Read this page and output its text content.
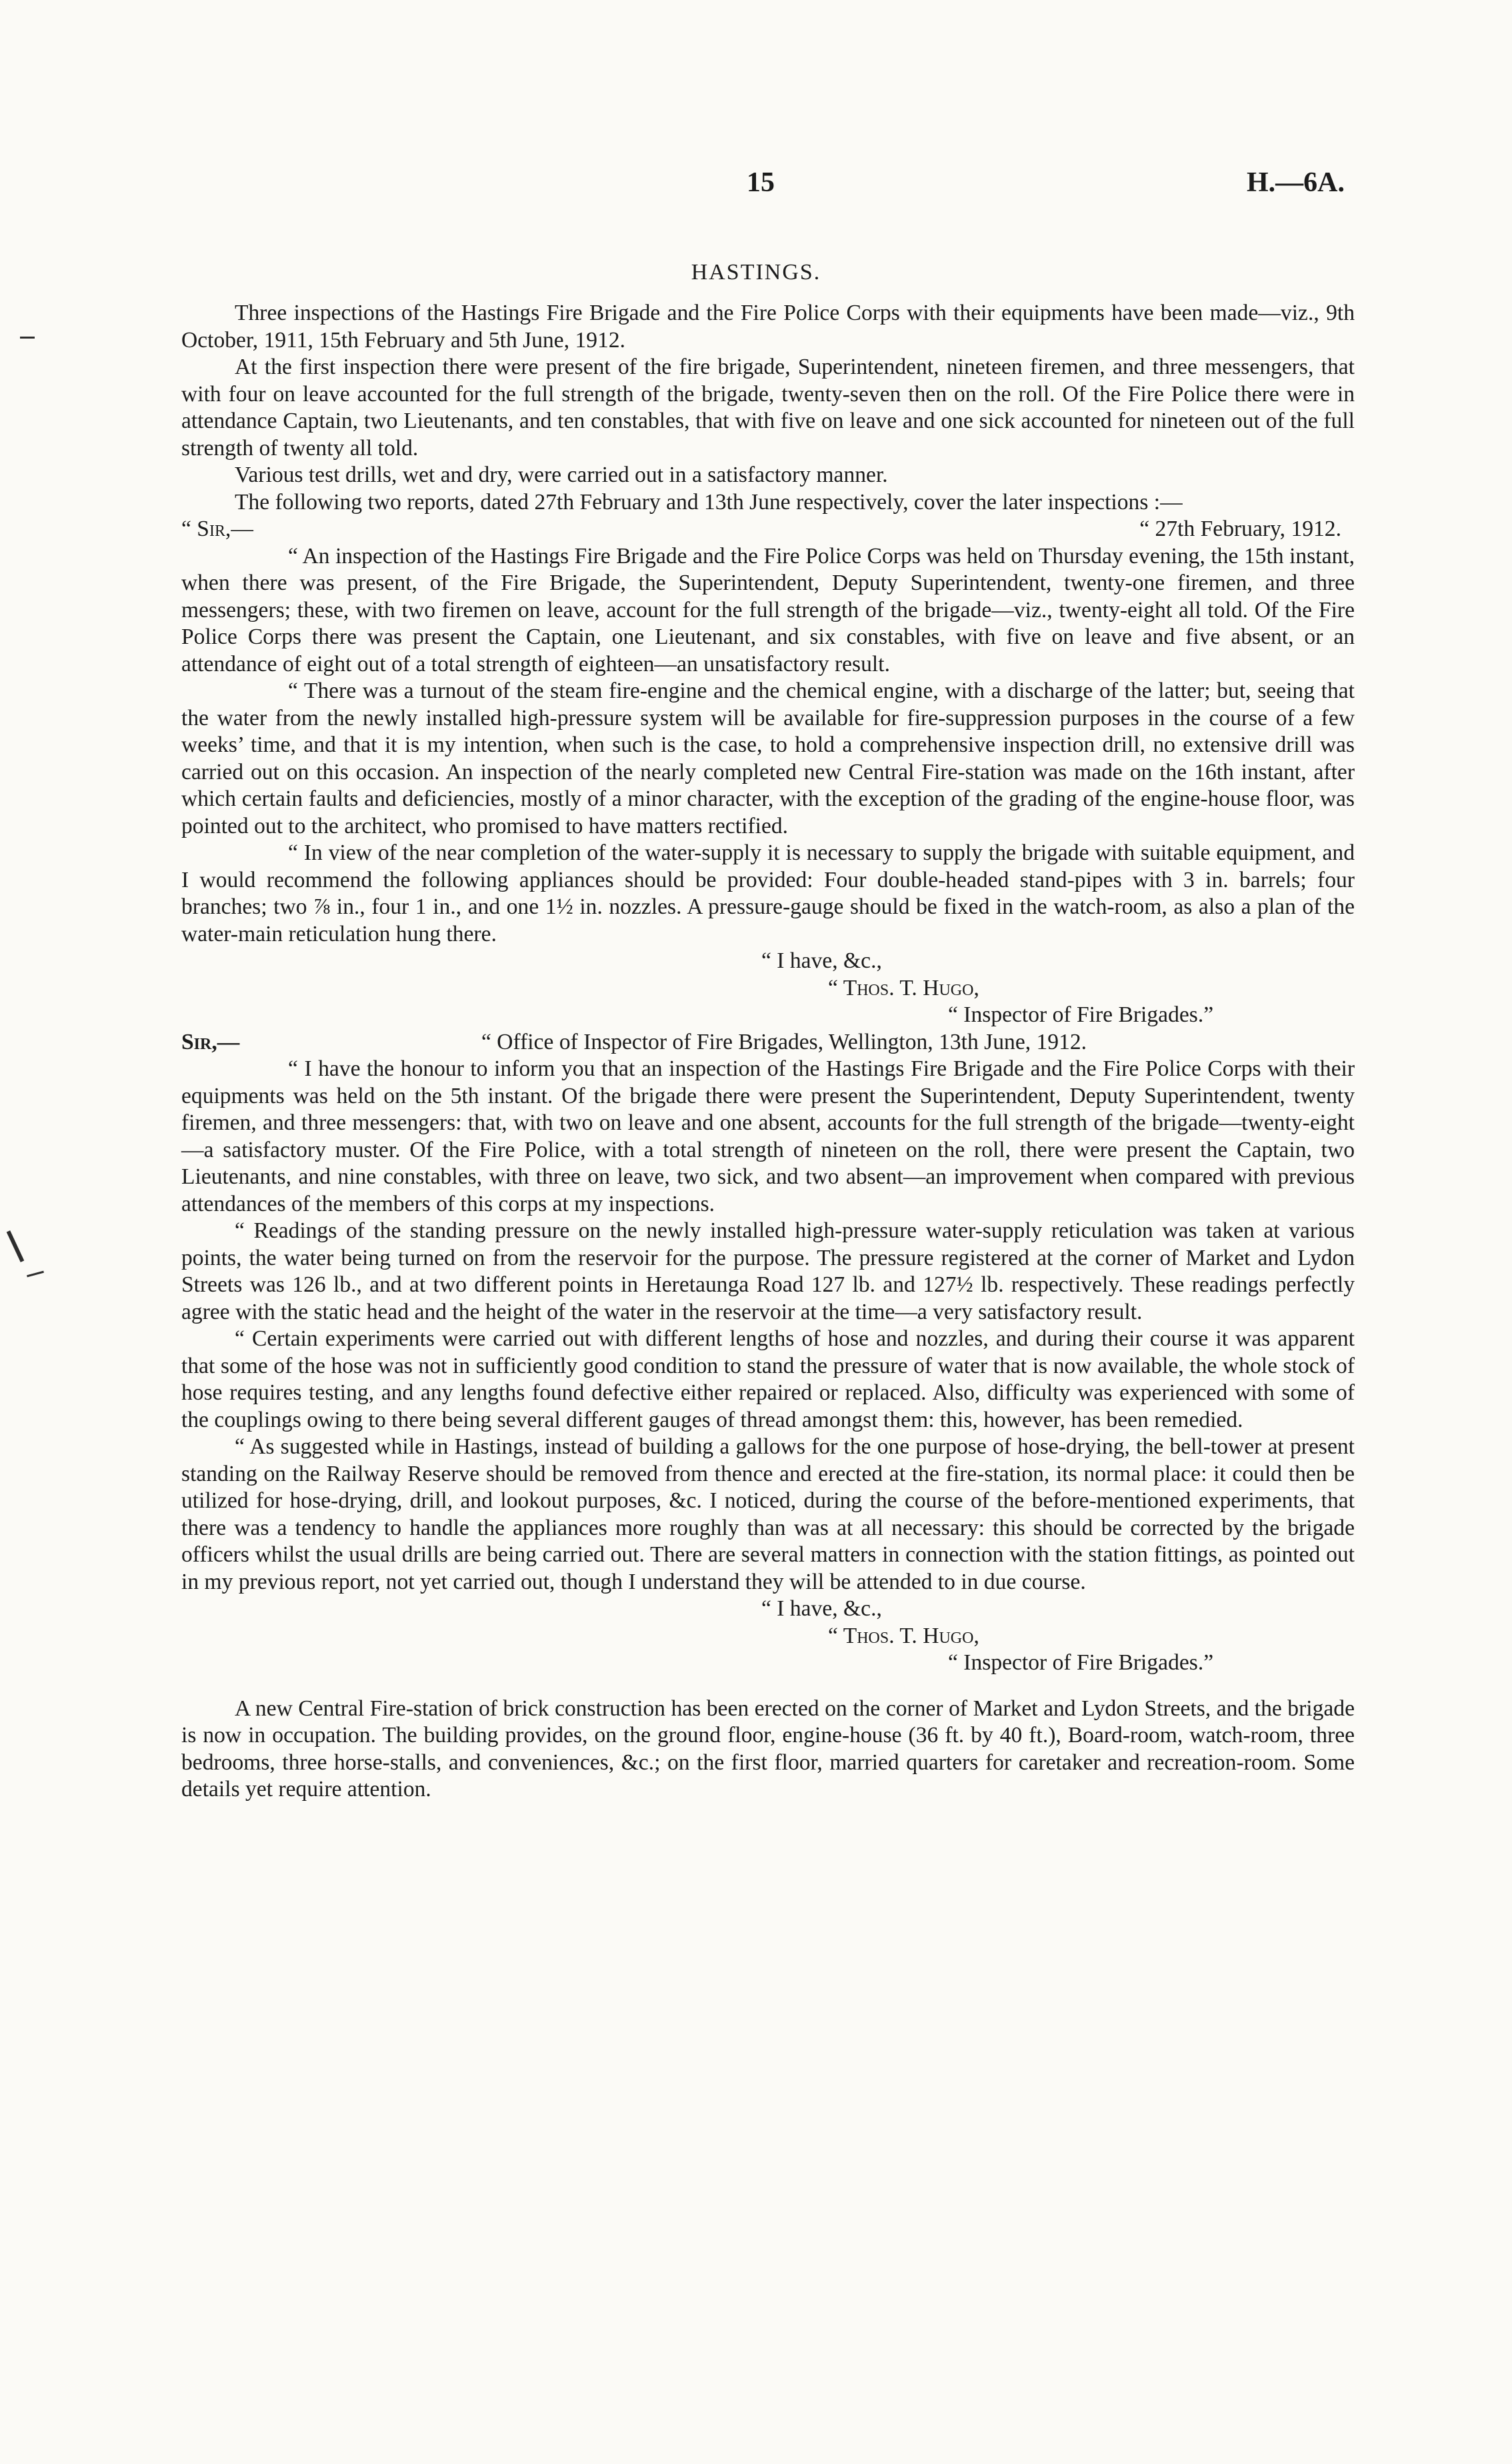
15	H.—6A.
HASTINGS.

Three inspections of the Hastings Fire Brigade and the Fire Police Corps with their equipments have been made—viz., 9th October, 1911, 15th February and 5th June, 1912.

At the first inspection there were present of the fire brigade, Superintendent, nineteen firemen, and three messengers, that with four on leave accounted for the full strength of the brigade, twenty-seven then on the roll. Of the Fire Police there were in attendance Captain, two Lieutenants, and ten constables, that with five on leave and one sick accounted for nineteen out of the full strength of twenty all told.

Various test drills, wet and dry, were carried out in a satisfactory manner.

The following two reports, dated 27th February and 13th June respectively, cover the later inspections :—

“ Sir,—	“ 27th February, 1912.

“ An inspection of the Hastings Fire Brigade and the Fire Police Corps was held on Thursday evening, the 15th instant, when there was present, of the Fire Brigade, the Superintendent, Deputy Superintendent, twenty-one firemen, and three messengers; these, with two firemen on leave, account for the full strength of the brigade—viz., twenty-eight all told. Of the Fire Police Corps there was present the Captain, one Lieutenant, and six constables, with five on leave and five absent, or an attendance of eight out of a total strength of eighteen—an unsatisfactory result.

“ There was a turnout of the steam fire-engine and the chemical engine, with a discharge of the latter; but, seeing that the water from the newly installed high-pressure system will be available for fire-suppression purposes in the course of a few weeks’ time, and that it is my intention, when such is the case, to hold a comprehensive inspection drill, no extensive drill was carried out on this occasion. An inspection of the nearly completed new Central Fire-station was made on the 16th instant, after which certain faults and deficiencies, mostly of a minor character, with the exception of the grading of the engine-house floor, was pointed out to the architect, who promised to have matters rectified.

“ In view of the near completion of the water-supply it is necessary to supply the brigade with suitable equipment, and I would recommend the following appliances should be provided: Four double-headed stand-pipes with 3 in. barrels; four branches; two ⅞ in., four 1 in., and one 1½ in. nozzles. A pressure-gauge should be fixed in the watch-room, as also a plan of the water-main reticulation hung there.

“ I have, &c.,

“ Thos. T. Hugo,

“ Inspector of Fire Brigades.”

Sir,—	“ Office of Inspector of Fire Brigades, Wellington, 13th June, 1912.

“ I have the honour to inform you that an inspection of the Hastings Fire Brigade and the Fire Police Corps with their equipments was held on the 5th instant. Of the brigade there were present the Superintendent, Deputy Superintendent, twenty firemen, and three messengers: that, with two on leave and one absent, accounts for the full strength of the brigade—twenty-eight—a satisfactory muster. Of the Fire Police, with a total strength of nineteen on the roll, there were present the Captain, two Lieutenants, and nine constables, with three on leave, two sick, and two absent—an improvement when compared with previous attendances of the members of this corps at my inspections.

“ Readings of the standing pressure on the newly installed high-pressure water-supply reticulation was taken at various points, the water being turned on from the reservoir for the purpose. The pressure registered at the corner of Market and Lydon Streets was 126 lb., and at two different points in Heretaunga Road 127 lb. and 127½ lb. respectively. These readings perfectly agree with the static head and the height of the water in the reservoir at the time—a very satisfactory result.

“ Certain experiments were carried out with different lengths of hose and nozzles, and during their course it was apparent that some of the hose was not in sufficiently good condition to stand the pressure of water that is now available, the whole stock of hose requires testing, and any lengths found defective either repaired or replaced. Also, difficulty was experienced with some of the couplings owing to there being several different gauges of thread amongst them: this, however, has been remedied.

“ As suggested while in Hastings, instead of building a gallows for the one purpose of hose-drying, the bell-tower at present standing on the Railway Reserve should be removed from thence and erected at the fire-station, its normal place: it could then be utilized for hose-drying, drill, and lookout purposes, &c. I noticed, during the course of the before-mentioned experiments, that there was a tendency to handle the appliances more roughly than was at all necessary: this should be corrected by the brigade officers whilst the usual drills are being carried out. There are several matters in connection with the station fittings, as pointed out in my previous report, not yet carried out, though I understand they will be attended to in due course.

“ I have, &c.,

“ Thos. T. Hugo,

“ Inspector of Fire Brigades.”

A new Central Fire-station of brick construction has been erected on the corner of Market and Lydon Streets, and the brigade is now in occupation. The building provides, on the ground floor, engine-house (36 ft. by 40 ft.), Board-room, watch-room, three bedrooms, three horse-stalls, and conveniences, &c.; on the first floor, married quarters for caretaker and recreation-room. Some details yet require attention.
